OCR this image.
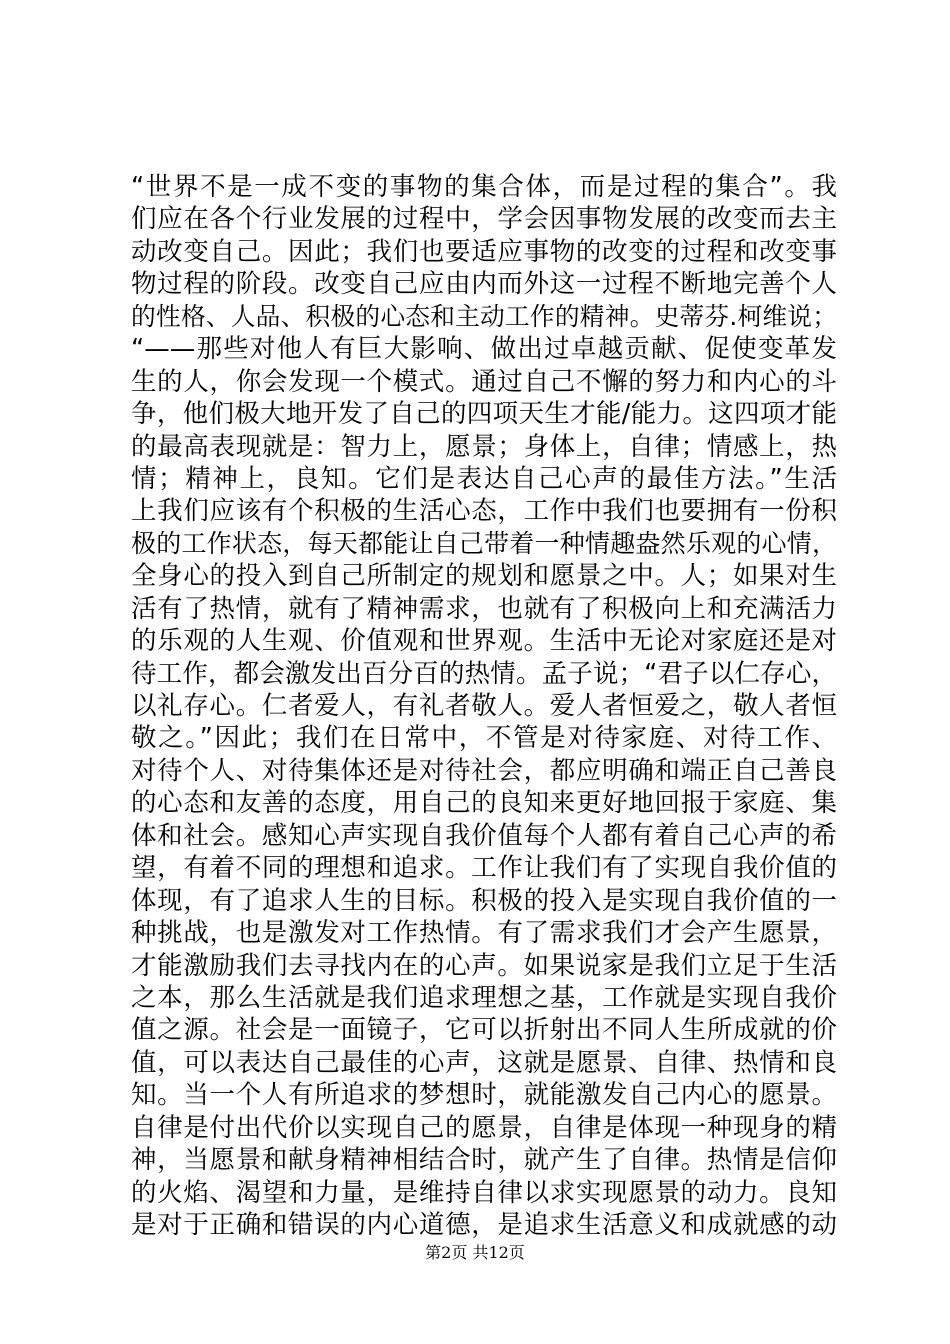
“世界不是一成不变的事物的集合体，而是过程的集合”。我
们应在各个行业发展的过程中，学会因事物发展的改变而去主
动改变自己。因此；我们也要适应事物的改变的过程和改变事
物过程的阶段。改变自己应由内而外这一过程不断地完善个人
的性格、人品、积极的心态和主动工作的精神。史蒂芬.柯维说；
“——那些对他人有巨大影响、做出过卓越贡献、促使变革发
生的人，你会发现一个模式。通过自己不懈的努力和内心的斗
争，他们极大地开发了自己的四项天生才能/能力。这四项才能
的最高表现就是：智力上，愿景；身体上，自律；情感上，热
情；精神上，良知。它们是表达自己心声的最佳方法。”生活
上我们应该有个积极的生活心态，工作中我们也要拥有一份积
极的工作状态，每天都能让自己带着一种情趣盎然乐观的心情，
全身心的投入到自己所制定的规划和愿景之中。人；如果对生
活有了热情，就有了精神需求，也就有了积极向上和充满活力
的乐观的人生观、价值观和世界观。生活中无论对家庭还是对
待工作，都会激发出百分百的热情。孟子说；“君子以仁存心，
以礼存心。仁者爱人，有礼者敬人。爱人者恒爱之，敬人者恒
敬之。”因此；我们在日常中，不管是对待家庭、对待工作、
对待个人、对待集体还是对待社会，都应明确和端正自己善良
的心态和友善的态度，用自己的良知来更好地回报于家庭、集
体和社会。感知心声实现自我价值每个人都有着自己心声的希
望，有着不同的理想和追求。工作让我们有了实现自我价值的
体现，有了追求人生的目标。积极的投入是实现自我价值的一
种挑战，也是激发对工作热情。有了需求我们才会产生愿景，
才能激励我们去寻找内在的心声。如果说家是我们立足于生活
之本，那么生活就是我们追求理想之基，工作就是实现自我价
值之源。社会是一面镜子，它可以折射出不同人生所成就的价
值，可以表达自己最佳的心声，这就是愿景、自律、热情和良
知。当一个人有所追求的梦想时，就能激发自己内心的愿景。
自律是付出代价以实现自己的愿景，自律是体现一种现身的精
神，当愿景和献身精神相结合时，就产生了自律。热情是信仰
的火焰、渴望和力量，是维持自律以求实现愿景的动力。良知
是对于正确和错误的内心道德，是追求生活意义和成就感的动
第2页 共12页
